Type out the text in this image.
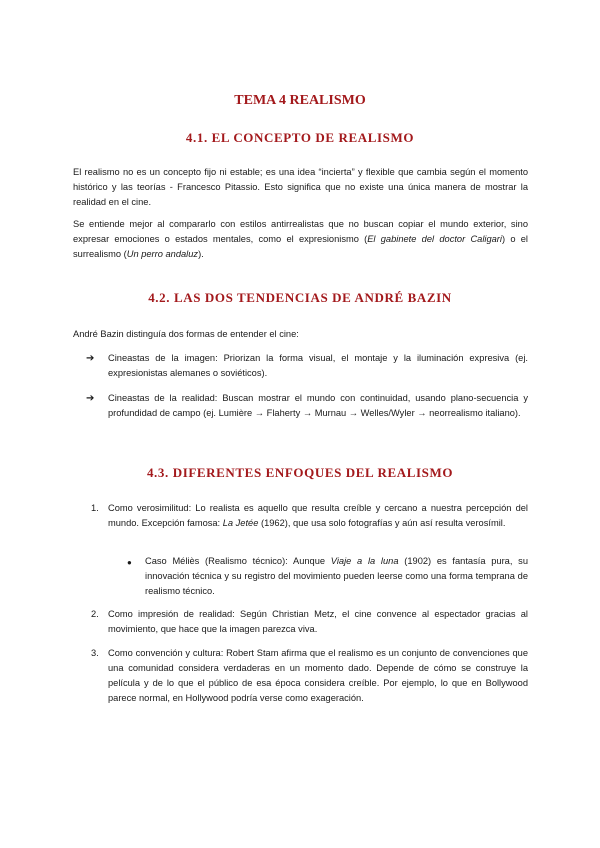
TEMA 4 REALISMO
4.1. EL CONCEPTO DE REALISMO
El realismo no es un concepto fijo ni estable; es una idea “incierta” y flexible que cambia según el momento histórico y las teorías - Francesco Pitassio. Esto significa que no existe una única manera de mostrar la realidad en el cine.
Se entiende mejor al compararlo con estilos antirrealistas que no buscan copiar el mundo exterior, sino expresar emociones o estados mentales, como el expresionismo (El gabinete del doctor Caligari) o el surrealismo (Un perro andaluz).
4.2. LAS DOS TENDENCIAS DE ANDRÉ BAZIN
André Bazin distinguía dos formas de entender el cine:
➔ Cineastas de la imagen: Priorizan la forma visual, el montaje y la iluminación expresiva (ej. expresionistas alemanes o soviéticos).
➔ Cineastas de la realidad: Buscan mostrar el mundo con continuidad, usando plano-secuencia y profundidad de campo (ej. Lumière → Flaherty → Murnau → Welles/Wyler → neorrealismo italiano).
4.3. DIFERENTES ENFOQUES DEL REALISMO
1. Como verosimilitud: Lo realista es aquello que resulta creíble y cercano a nuestra percepción del mundo. Excepción famosa: La Jetée (1962), que usa solo fotografías y aún así resulta verosímil.
● Caso Méliès (Realismo técnico): Aunque Viaje a la luna (1902) es fantasía pura, su innovación técnica y su registro del movimiento pueden leerse como una forma temprana de realismo técnico.
2. Como impresión de realidad: Según Christian Metz, el cine convence al espectador gracias al movimiento, que hace que la imagen parezca viva.
3. Como convención y cultura: Robert Stam afirma que el realismo es un conjunto de convenciones que una comunidad considera verdaderas en un momento dado. Depende de cómo se construye la película y de lo que el público de esa época considera creíble. Por ejemplo, lo que en Bollywood parece normal, en Hollywood podría verse como exageración.
